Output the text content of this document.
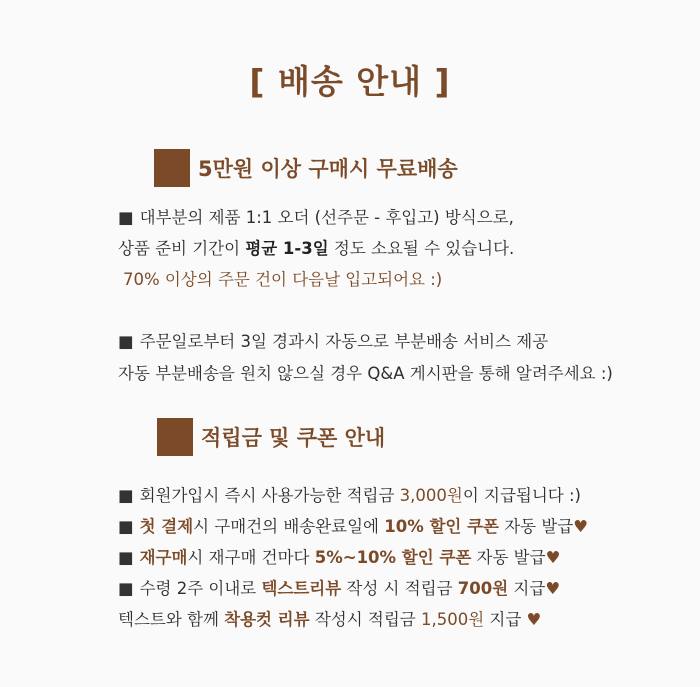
[ 배송 안내 ]
5만원 이상 구매시 무료배송
■ 대부분의 제품 1:1 오더 (선주문 - 후입고) 방식으로,
상품 준비 기간이 평균 1-3일 정도 소요될 수 있습니다.
70% 이상의 주문 건이 다음날 입고되어요 :)
■ 주문일로부터 3일 경과시 자동으로 부분배송 서비스 제공
자동 부분배송을 원치 않으실 경우 Q&A 게시판을 통해 알려주세요 :)
적립금 및 쿠폰 안내
■ 회원가입시 즉시 사용가능한 적립금 3,000원이 지급됩니다 :)
■ 첫 결제시 구매건의 배송완료일에 10% 할인 쿠폰 자동 발급♥
■ 재구매시 재구매 건마다 5%~10% 할인 쿠폰 자동 발급♥
■ 수령 2주 이내로 텍스트리뷰 작성 시 적립금 700원 지급♥
텍스트와 함께 착용컷 리뷰 작성시 적립금 1,500원 지급 ♥
